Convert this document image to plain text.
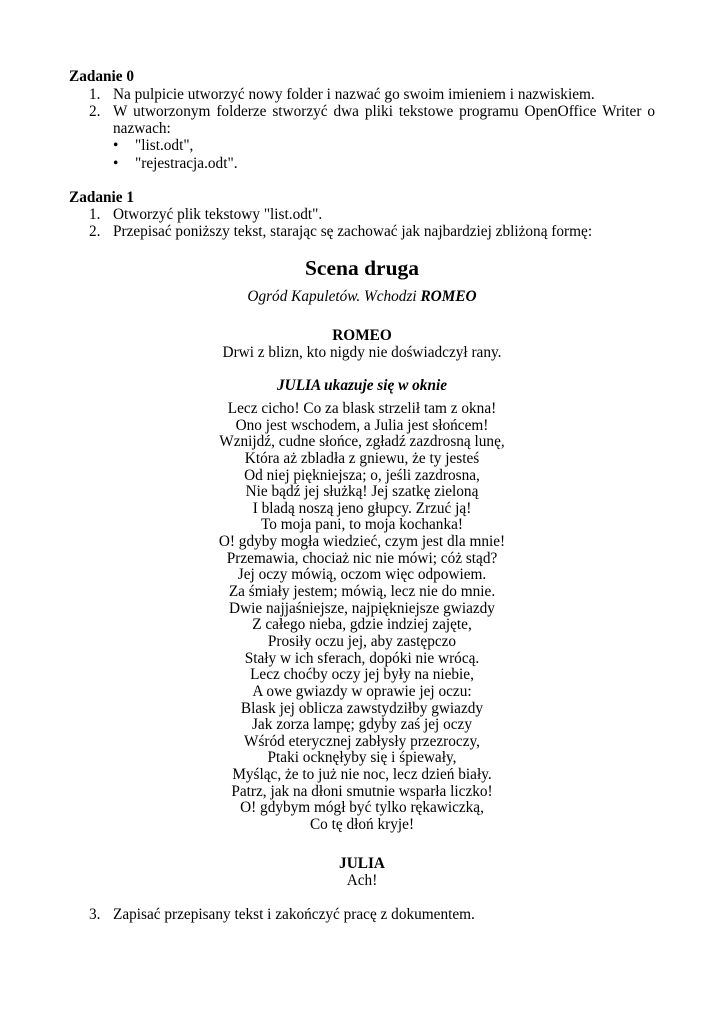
Zadanie 0
1. Na pulpicie utworzyć nowy folder i nazwać go swoim imieniem i nazwiskiem.
2. W utworzonym folderze stworzyć dwa pliki tekstowe programu OpenOffice Writer o nazwach:
• "list.odt",
• "rejestracja.odt".
Zadanie 1
1. Otworzyć plik tekstowy "list.odt".
2. Przepisać poniższy tekst, starając sę zachować jak najbardziej zbliżoną formę:
Scena druga
Ogród Kapuletów. Wchodzi ROMEO
ROMEO
Drwi z blizn, kto nigdy nie doświadczył rany.
JULIA ukazuje się w oknie
Lecz cicho! Co za blask strzelił tam z okna!
Ono jest wschodem, a Julia jest słońcem!
Wznijdź, cudne słońce, zgładź zazdrosną lunę,
Która aż zbladła z gniewu, że ty jesteś
Od niej piękniejsza; o, jeśli zazdrosna,
Nie bądź jej służką! Jej szatkę zieloną
I bladą noszą jeno głupcy. Zrzuć ją!
To moja pani, to moja kochanka!
O! gdyby mogła wiedzieć, czym jest dla mnie!
Przemawia, chociaż nic nie mówi; cóż stąd?
Jej oczy mówią, oczom więc odpowiem.
Za śmiały jestem; mówią, lecz nie do mnie.
Dwie najjaśniejsze, najpiękniejsze gwiazdy
Z całego nieba, gdzie indziej zajęte,
Prosiły oczu jej, aby zastępczo
Stały w ich sferach, dopóki nie wrócą.
Lecz choćby oczy jej były na niebie,
A owe gwiazdy w oprawie jej oczu:
Blask jej oblicza zawstydziłby gwiazdy
Jak zorza lampę; gdyby zaś jej oczy
Wśród eterycznej zabłysły przezroczy,
Ptaki ocknęłyby się i śpiewały,
Myśląc, że to już nie noc, lecz dzień biały.
Patrz, jak na dłoni smutnie wsparła liczko!
O! gdybym mógł być tylko rękawiczką,
Co tę dłoń kryje!
JULIA
Ach!
3. Zapisać przepisany tekst i zakończyć pracę z dokumentem.
